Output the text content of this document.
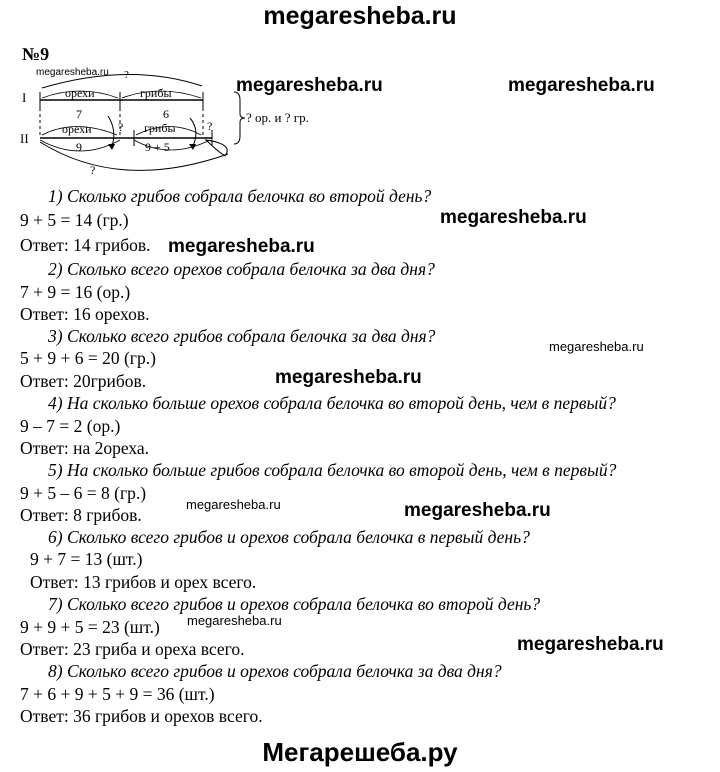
megaresheba.ru
№9
?
I
II
орехи	грибы
7
орехи
6
грибы
?	?
9	9 + 5
?
? ор. и ? гр.
megaresheba.ru
megaresheba.ru	megaresheba.ru
megaresheba.ru
megaresheba.ru
megaresheba.ru
megaresheba.ru
megaresheba.ru	megaresheba.ru
megaresheba.ru
megaresheba.ru
1) Сколько грибов собрала белочка во второй день?
9 + 5 = 14 (гр.)
Ответ: 14 грибов.
2) Сколько всего орехов собрала белочка за два дня?
7 + 9 = 16 (ор.)
Ответ: 16 орехов.
3) Сколько всего грибов собрала белочка за два дня?
5 + 9 + 6 = 20 (гр.)
Ответ: 20грибов.
4) На сколько больше орехов собрала белочка во второй день, чем в первый?
9 – 7 = 2 (ор.)
Ответ: на 2ореха.
5) На сколько больше грибов собрала белочка во второй день, чем в первый?
9 + 5 – 6 = 8 (гр.)
Ответ: 8 грибов.
6) Сколько всего грибов и орехов собрала белочка в первый день?
9 + 7 = 13 (шт.)
Ответ: 13 грибов и орех всего.
7) Сколько всего грибов и орехов собрала белочка во второй день?
9 + 9 + 5 = 23 (шт.)
Ответ: 23 гриба и ореха всего.
8) Сколько всего грибов и орехов собрала белочка за два дня?
7 + 6 + 9 + 5 + 9 = 36 (шт.)
Ответ: 36 грибов и орехов всего.
Мегарешеба.ру
